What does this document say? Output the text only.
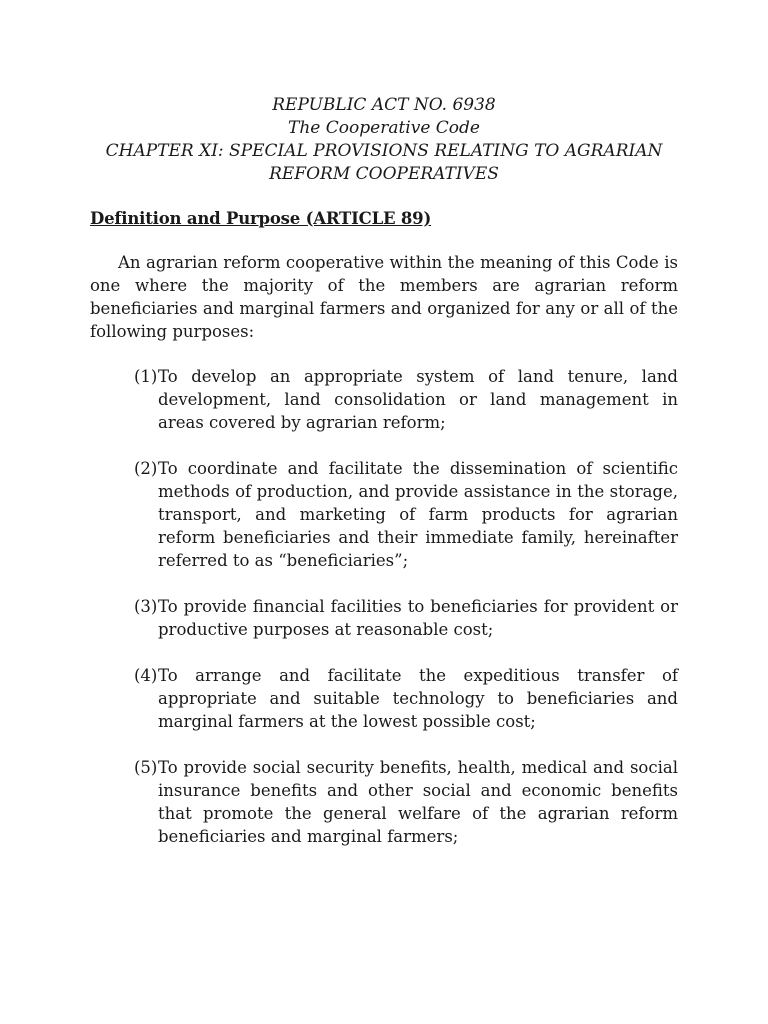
REPUBLIC ACT NO. 6938
The Cooperative Code
CHAPTER XI: SPECIAL PROVISIONS RELATING TO AGRARIAN
REFORM COOPERATIVES
Definition and Purpose (ARTICLE 89)

An agrarian reform cooperative within the meaning of this Code is one where the majority of the members are agrarian reform beneficiaries and marginal farmers and organized for any or all of the following purposes:

(1) To develop an appropriate system of land tenure, land development, land consolidation or land management in areas covered by agrarian reform;
(2) To coordinate and facilitate the dissemination of scientific methods of production, and provide assistance in the storage, transport, and marketing of farm products for agrarian reform beneficiaries and their immediate family, hereinafter referred to as “beneficiaries”;
(3) To provide financial facilities to beneficiaries for provident or productive purposes at reasonable cost;
(4) To arrange and facilitate the expeditious transfer of appropriate and suitable technology to beneficiaries and marginal farmers at the lowest possible cost;
(5) To provide social security benefits, health, medical and social insurance benefits and other social and economic benefits that promote the general welfare of the agrarian reform beneficiaries and marginal farmers;
